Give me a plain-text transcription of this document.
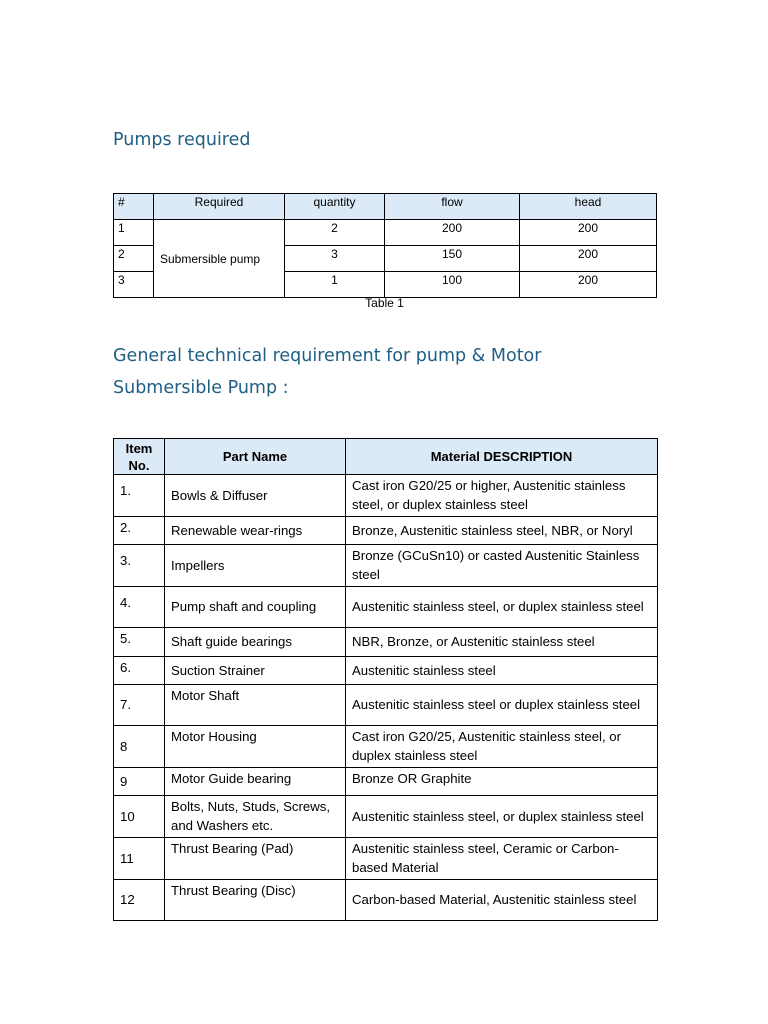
Pumps required
#	Required	quantity	flow	head
1	Submersible pump	2	200	200
2		3	150	200
3		1	100	200
Table 1
General technical requirement for pump & Motor
Submersible Pump :
Item
No.	Part Name	Material DESCRIPTION
1.	Bowls & Diffuser	Cast iron G20/25 or higher, Austenitic stainless steel, or duplex stainless steel
2.	Renewable wear-rings	Bronze, Austenitic stainless steel, NBR, or Noryl
3.	Impellers	Bronze (GCuSn10) or casted Austenitic Stainless steel
4.	Pump shaft and coupling	Austenitic stainless steel, or duplex stainless steel
5.	Shaft guide bearings	NBR, Bronze, or Austenitic stainless steel
6.	Suction Strainer	Austenitic stainless steel
7.	Motor Shaft	Austenitic stainless steel or duplex stainless steel
8	Motor Housing	Cast iron G20/25, Austenitic stainless steel, or duplex stainless steel
9	Motor Guide bearing	Bronze OR Graphite
10	Bolts, Nuts, Studs, Screws, and Washers etc.	Austenitic stainless steel, or duplex stainless steel
11	Thrust Bearing (Pad)	Austenitic stainless steel, Ceramic or Carbon-based Material
12	Thrust Bearing (Disc)	Carbon-based Material, Austenitic stainless steel
